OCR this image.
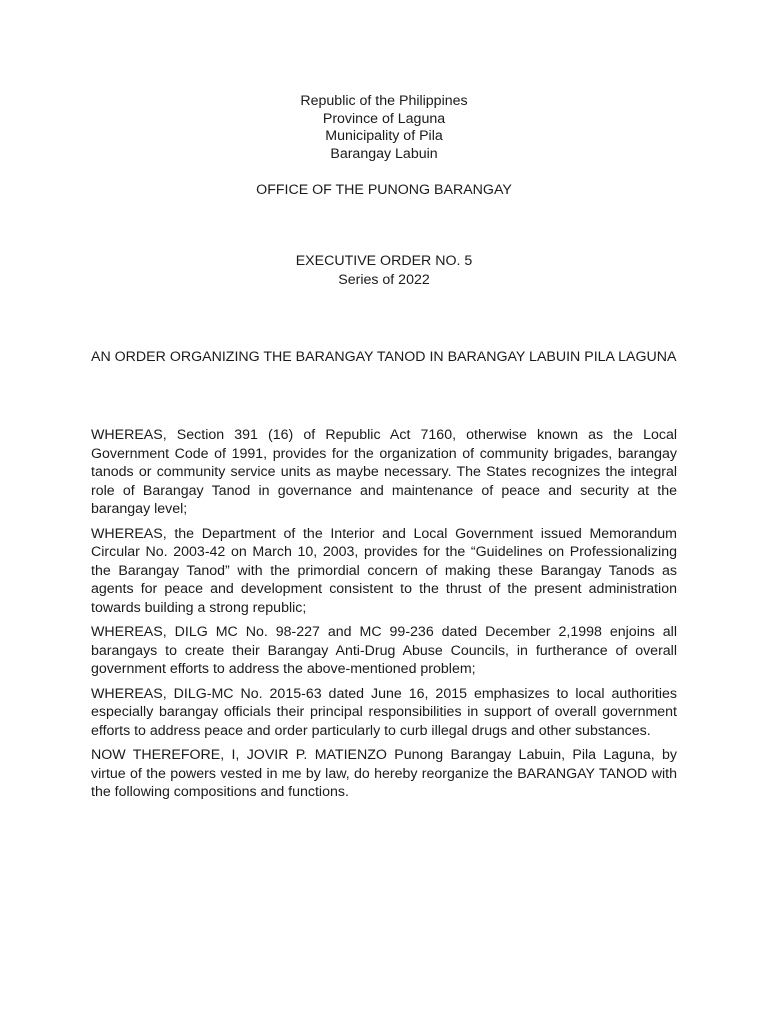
Republic of the Philippines
Province of Laguna
Municipality of Pila
Barangay Labuin
OFFICE OF THE PUNONG BARANGAY
EXECUTIVE ORDER NO. 5
Series of 2022
AN ORDER ORGANIZING THE BARANGAY TANOD IN BARANGAY LABUIN PILA LAGUNA

WHEREAS, Section 391 (16) of Republic Act 7160, otherwise known as the Local Government Code of 1991, provides for the organization of community brigades, barangay tanods or community service units as maybe necessary. The States recognizes the integral role of Barangay Tanod in governance and maintenance of peace and security at the barangay level;

WHEREAS, the Department of the Interior and Local Government issued Memorandum Circular No. 2003-42 on March 10, 2003, provides for the “Guidelines on Professionalizing the Barangay Tanod” with the primordial concern of making these Barangay Tanods as agents for peace and development consistent to the thrust of the present administration towards building a strong republic;

WHEREAS, DILG MC No. 98-227 and MC 99-236 dated December 2,1998 enjoins all barangays to create their Barangay Anti-Drug Abuse Councils, in furtherance of overall government efforts to address the above-mentioned problem;

WHEREAS, DILG-MC No. 2015-63 dated June 16, 2015 emphasizes to local authorities especially barangay officials their principal responsibilities in support of overall government efforts to address peace and order particularly to curb illegal drugs and other substances.

NOW THEREFORE, I, JOVIR P. MATIENZO Punong Barangay Labuin, Pila Laguna, by virtue of the powers vested in me by law, do hereby reorganize the BARANGAY TANOD with the following compositions and functions.
